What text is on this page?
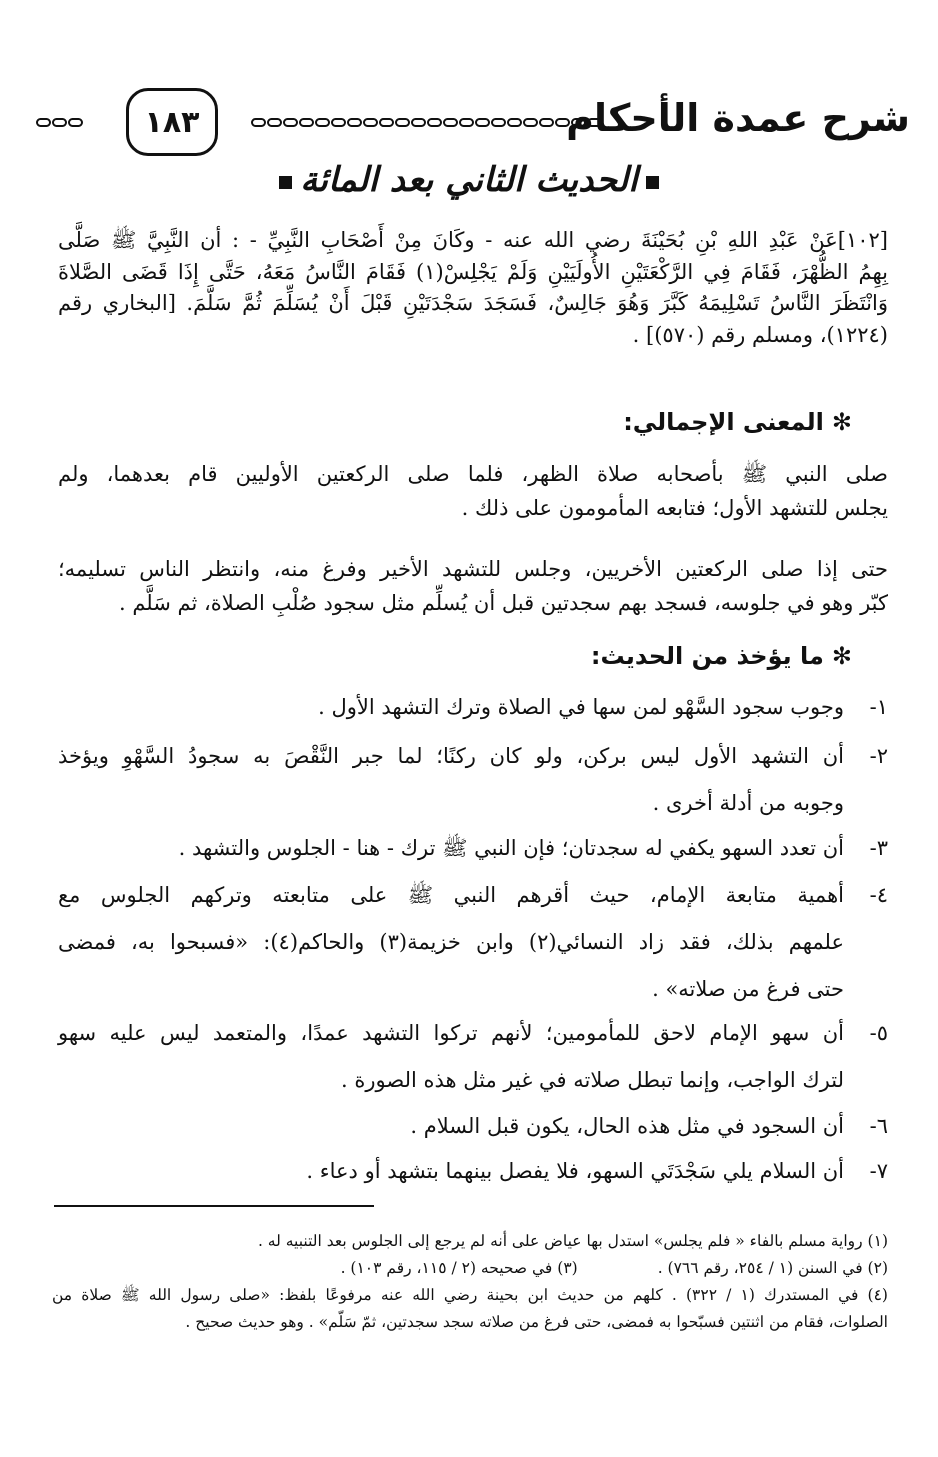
شرح عمدة الأحكام
١٨٣
الحديث الثاني بعد المائة
[١٠٢]عَنْ عَبْدِ اللهِ بْنِ بُحَيْنَةَ رضي الله عنه - وكَانَ مِنْ أَصْحَابِ النَّبِيِّ - : أن النَّبِيَّ ﷺ صَلَّى
بِهِمُ الظُّهْرَ، فَقَامَ فِي الرَّكْعَتَيْنِ الأُولَيَيْنِ وَلَمْ يَجْلِسْ(١) فَقَامَ النَّاسُ مَعَهُ، حَتَّى إِذَا قَضَى الصَّلاةَ
وَانْتَظَرَ النَّاسُ تَسْلِيمَهُ كَبَّرَ وَهُوَ جَالِسٌ، فَسَجَدَ سَجْدَتَيْنِ قَبْلَ أَنْ يُسَلِّمَ ثُمَّ سَلَّمَ. [البخاري رقم
(١٢٢٤)، ومسلم رقم (٥٧٠)] .
✻المعنى الإجمالي:
صلى النبي ﷺ بأصحابه صلاة الظهر، فلما صلى الركعتين الأوليين قام بعدهما، ولم
يجلس للتشهد الأول؛ فتابعه المأمومون على ذلك .
حتى إذا صلى الركعتين الأخريين، وجلس للتشهد الأخير وفرغ منه، وانتظر الناس تسليمه؛
كبّر وهو في جلوسه، فسجد بهم سجدتين قبل أن يُسلِّم مثل سجود صُلْبِ الصلاة، ثم سَلَّم .
✻ما يؤخذ من الحديث:
١-
وجوب سجود السَّهْو لمن سها في الصلاة وترك التشهد الأول .
٢-
أن التشهد الأول ليس بركن، ولو كان ركنًا؛ لما جبر النَّقْصَ به سجودُ السَّهْوِ ويؤخذ
وجوبه من أدلة أخرى .
٣-
أن تعدد السهو يكفي له سجدتان؛ فإن النبي ﷺ ترك - هنا - الجلوس والتشهد .
٤-
أهمية متابعة الإمام، حيث أقرهم النبي ﷺ على متابعته وتركهم الجلوس مع
علمهم بذلك، فقد زاد النسائي(٢) وابن خزيمة(٣) والحاكم(٤): «فسبحوا به، فمضى
حتى فرغ من صلاته» .
٥-
أن سهو الإمام لاحق للمأمومين؛ لأنهم تركوا التشهد عمدًا، والمتعمد ليس عليه سهو
لترك الواجب، وإنما تبطل صلاته في غير مثل هذه الصورة .
٦-
أن السجود في مثل هذه الحال، يكون قبل السلام .
٧-
أن السلام يلي سَجْدَتَي السهو، فلا يفصل بينهما بتشهد أو دعاء .
(١) رواية مسلم بالفاء « فلم يجلس» استدل بها عياض على أنه لم يرجع إلى الجلوس بعد التنبيه له .
(٢) في السنن (١ / ٢٥٤، رقم ٧٦٦) .
(٣) في صحيحه (٢ / ١١٥، رقم ١٠٣) .
(٤) في المستدرك (١ / ٣٢٢) . كلهم من حديث ابن بحينة رضي الله عنه مرفوعًا بلفظ: «صلى رسول الله ﷺ صلاة من
الصلوات، فقام من اثنتين فسبّحوا به فمضى، حتى فرغ من صلاته سجد سجدتين، ثمّ سَلّم» . وهو حديث صحيح .
